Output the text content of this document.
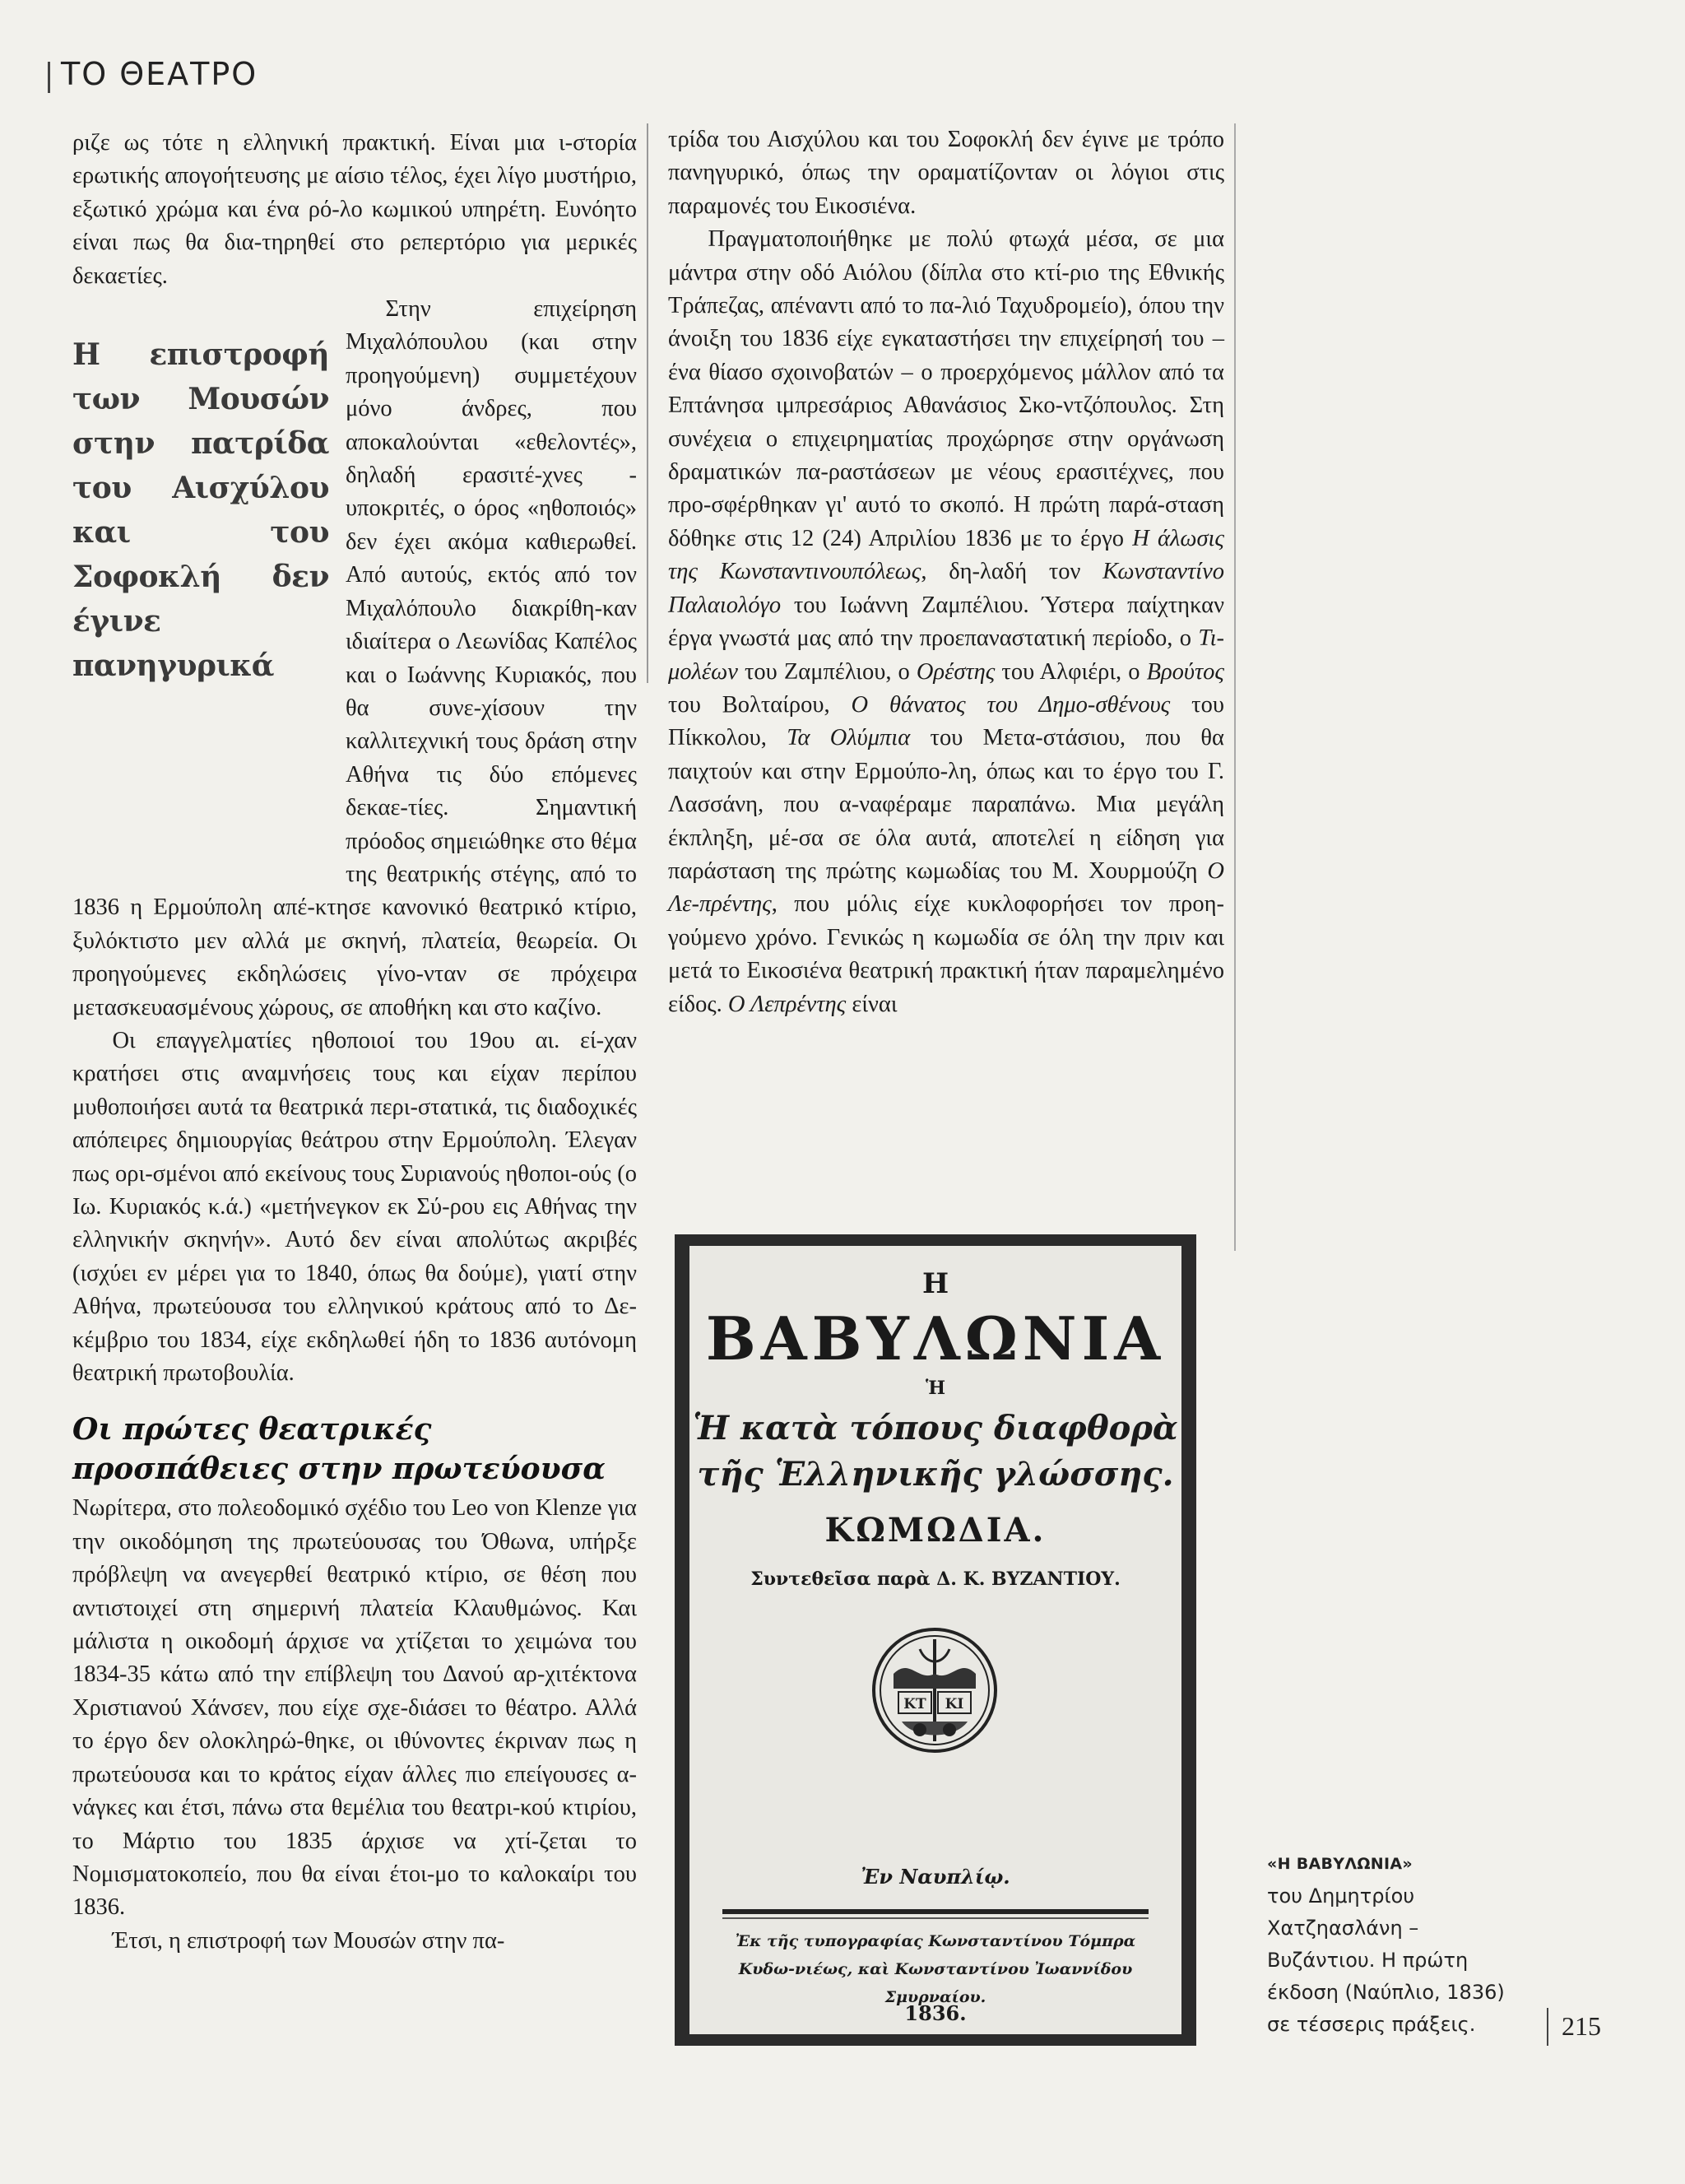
ΤΟ ΘΕΑΤΡΟ

ριζε ως τότε η ελληνική πρακτική. Είναι μια ι-στορία ερωτικής απογοήτευσης με αίσιο τέλος, έχει λίγο μυστήριο, εξωτικό χρώμα και ένα ρό-λο κωμικού υπηρέτη. Ευνόητο είναι πως θα δια-τηρηθεί στο ρεπερτόριο για μερικές δεκαετίες.

Η επιστροφή των Μουσών στην πατρίδα του Αισχύλου και του Σοφοκλή δεν έγινε πανηγυρικά

Στην επιχείρηση Μιχαλόπουλου (και στην προηγούμενη) συμμετέχουν μόνο άνδρες, που αποκαλούνται «εθελοντές», δηλαδή ερασιτέ-χνες - υποκριτές, ο όρος «ηθοποιός» δεν έχει ακόμα καθιερωθεί. Από αυτούς, εκτός από τον Μιχαλόπουλο διακρίθη-καν ιδιαίτερα ο Λεωνίδας Καπέλος και ο Ιωάννης Κυριακός, που θα συνε-χίσουν την καλλιτεχνική τους δράση στην Αθήνα τις δύο επόμενες δεκαε-τίες. Σημαντική πρόοδος σημειώθηκε στο θέμα της θεατρικής στέγης, από το 1836 η Ερμούπολη απέ-κτησε κανονικό θεατρικό κτίριο, ξυλόκτιστο μεν αλλά με σκηνή, πλατεία, θεωρεία. Οι προηγούμενες εκδηλώσεις γίνο-νταν σε πρόχειρα μετασκευασμένους χώρους, σε αποθήκη και στο καζίνο.

Οι επαγγελματίες ηθοποιοί του 19ου αι. εί-χαν κρατήσει στις αναμνήσεις τους και είχαν περίπου μυθοποιήσει αυτά τα θεατρικά περι-στατικά, τις διαδοχικές απόπειρες δημιουργίας θεάτρου στην Ερμούπολη. Έλεγαν πως ορι-σμένοι από εκείνους τους Συριανούς ηθοποι-ούς (ο Ιω. Κυριακός κ.ά.) «μετήνεγκον εκ Σύ-ρου εις Αθήνας την ελληνικήν σκηνήν». Αυτό δεν είναι απολύτως ακριβές (ισχύει εν μέρει για το 1840, όπως θα δούμε), γιατί στην Αθήνα, πρωτεύουσα του ελληνικού κράτους από το Δε-κέμβριο του 1834, είχε εκδηλωθεί ήδη το 1836 αυτόνομη θεατρική πρωτοβουλία.

Οι πρώτες θεατρικές προσπάθειες στην πρωτεύουσα

Νωρίτερα, στο πολεοδομικό σχέδιο του Leo von Klenze για την οικοδόμηση της πρωτεύουσας του Όθωνα, υπήρξε πρόβλεψη να ανεγερθεί θεατρικό κτίριο, σε θέση που αντιστοιχεί στη σημερινή πλατεία Κλαυθμώνος. Και μάλιστα η οικοδομή άρχισε να χτίζεται το χειμώνα του 1834-35 κάτω από την επίβλεψη του Δανού αρ-χιτέκτονα Χριστιανού Χάνσεν, που είχε σχε-διάσει το θέατρο. Αλλά το έργο δεν ολοκληρώ-θηκε, οι ιθύνοντες έκριναν πως η πρωτεύουσα και το κράτος είχαν άλλες πιο επείγουσες α-νάγκες και έτσι, πάνω στα θεμέλια του θεατρι-κού κτιρίου, το Μάρτιο του 1835 άρχισε να χτί-ζεται το Νομισματοκοπείο, που θα είναι έτοι-μο το καλοκαίρι του 1836.

Έτσι, η επιστροφή των Μουσών στην πα-

τρίδα του Αισχύλου και του Σοφοκλή δεν έγινε με τρόπο πανηγυρικό, όπως την οραματίζονταν οι λόγιοι στις παραμονές του Εικοσιένα.

Πραγματοποιήθηκε με πολύ φτωχά μέσα, σε μια μάντρα στην οδό Αιόλου (δίπλα στο κτί-ριο της Εθνικής Τράπεζας, απέναντι από το πα-λιό Ταχυδρομείο), όπου την άνοιξη του 1836 είχε εγκαταστήσει την επιχείρησή του – ένα θίασο σχοινοβατών – ο προερχόμενος μάλλον από τα Επτάνησα ιμπρεσάριος Αθανάσιος Σκο-ντζόπουλος. Στη συνέχεια ο επιχειρηματίας προχώρησε στην οργάνωση δραματικών πα-ραστάσεων με νέους ερασιτέχνες, που προ-σφέρθηκαν γι' αυτό το σκοπό. Η πρώτη παρά-σταση δόθηκε στις 12 (24) Απριλίου 1836 με το έργο Η άλωσις της Κωνσταντινουπόλεως, δη-λαδή τον Κωνσταντίνο Παλαιολόγο του Ιωάννη Ζαμπέλιου. Ύστερα παίχτηκαν έργα γνωστά μας από την προεπαναστατική περίοδο, ο Τι-μολέων του Ζαμπέλιου, ο Ορέστης του Αλφιέρι, ο Βρούτος του Βολταίρου, Ο θάνατος του Δημο-σθένους του Πίκκολου, Τα Ολύμπια του Μετα-στάσιου, που θα παιχτούν και στην Ερμούπο-λη, όπως και το έργο του Γ. Λασσάνη, που α-ναφέραμε παραπάνω. Μια μεγάλη έκπληξη, μέ-σα σε όλα αυτά, αποτελεί η είδηση για παράσταση της πρώτης κωμωδίας του Μ. Χουρμούζη Ο Λε-πρέντης, που μόλις είχε κυκλοφορήσει τον προη-γούμενο χρόνο. Γενικώς η κωμωδία σε όλη την πριν και μετά το Εικοσιένα θεατρική πρακτική ήταν παραμελημένο είδος. Ο Λεπρέντης είναι

Η
ΒΑΒΥΛΩΝΙΑ
Ἡ
Ἡ κατὰ τόπους διαφθορὰ
τῆς Ἑλληνικῆς γλώσσης.
ΚΩΜΩΔΙΑ.
Συντεθεῖσα παρὰ Δ. Κ. ΒΥΖΑΝΤΙΟΥ.
ΚΤ ΚΙ
Ἐν Ναυπλίῳ.
Ἐκ τῆς τυπογραφίας Κωνσταντίνου Τόμπρα Κυδω-νιέως, καὶ Κωνσταντίνου Ἰωαννίδου Σμυρναίου.
1836.
«Η ΒΑΒΥΛΩΝΙΑ»
του Δημητρίου Χατζηασλάνη – Βυζάντιου. Η πρώτη έκδοση (Ναύπλιο, 1836) σε τέσσερις πράξεις.	215
